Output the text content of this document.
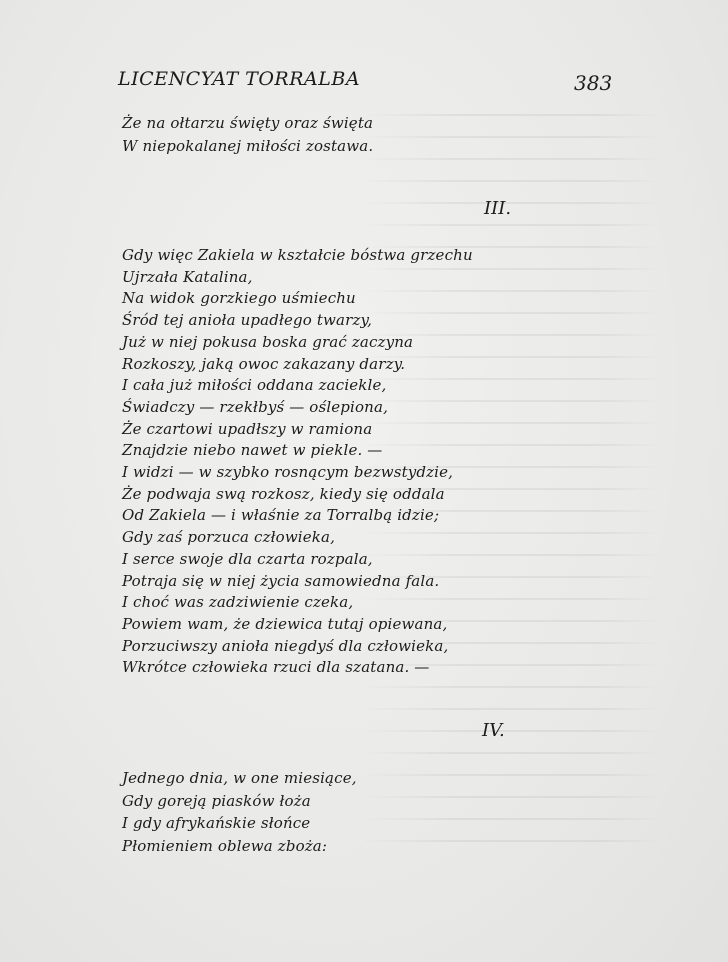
LICENCYAT TORRALBA	383
Że na ołtarzu święty oraz święta
W niepokalanej miłości zostawa.
III.
Gdy więc Zakiela w kształcie bóstwa grzechu
Ujrzała Katalina,
Na widok gorzkiego uśmiechu
Śród tej anioła upadłego twarzy,
Już w niej pokusa boska grać zaczyna
Rozkoszy, jaką owoc zakazany darzy.
I cała już miłości oddana zaciekle,
Świadczy — rzekłbyś — oślepiona,
Że czartowi upadłszy w ramiona
Znajdzie niebo nawet w piekle. —
I widzi — w szybko rosnącym bezwstydzie,
Że podwaja swą rozkosz, kiedy się oddala
Od Zakiela — i właśnie za Torralbą idzie;
Gdy zaś porzuca człowieka,
I serce swoje dla czarta rozpala,
Potraja się w niej życia samowiedna fala.
I choć was zadziwienie czeka,
Powiem wam, że dziewica tutaj opiewana,
Porzuciwszy anioła niegdyś dla człowieka,
Wkrótce człowieka rzuci dla szatana. —
IV.
Jednego dnia, w one miesiące,
Gdy goreją piasków łoża
I gdy afrykańskie słońce
Płomieniem oblewa zboża:
